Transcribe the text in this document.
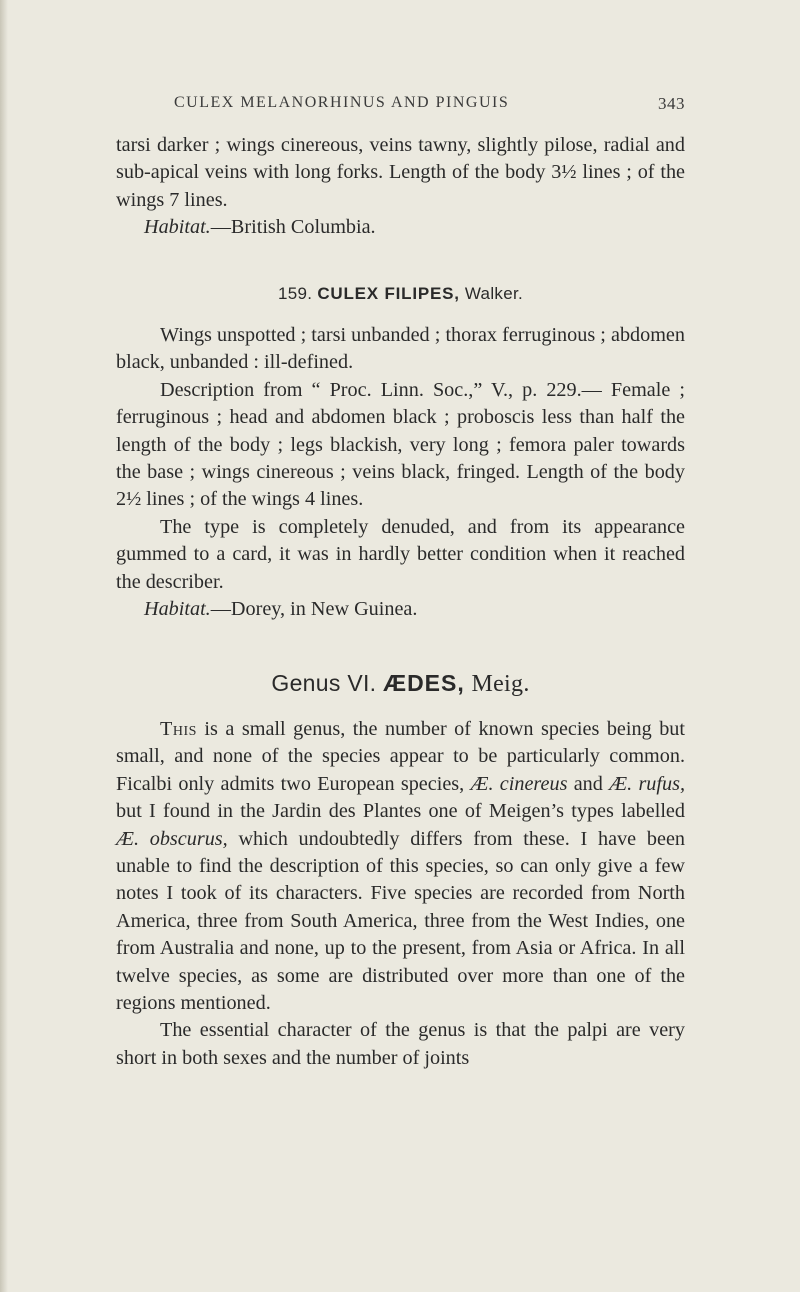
CULEX MELANORHINUS AND PINGUIS	343

tarsi darker ; wings cinereous, veins tawny, slightly pilose, radial and sub-apical veins with long forks. Length of the body 3½ lines ; of the wings 7 lines.

Habitat.—British Columbia.

159. CULEX FILIPES, Walker.

Wings unspotted ; tarsi unbanded ; thorax ferruginous ; abdomen black, unbanded : ill-defined.

Description from “ Proc. Linn. Soc.,” V., p. 229.— Female ; ferruginous ; head and abdomen black ; proboscis less than half the length of the body ; legs blackish, very long ; femora paler towards the base ; wings cinereous ; veins black, fringed. Length of the body 2½ lines ; of the wings 4 lines.

The type is completely denuded, and from its appearance gummed to a card, it was in hardly better condition when it reached the describer.

Habitat.—Dorey, in New Guinea.

Genus VI. ÆDES, Meig.

This is a small genus, the number of known species being but small, and none of the species appear to be particularly common. Ficalbi only admits two European species, Æ. cinereus and Æ. rufus, but I found in the Jardin des Plantes one of Meigen’s types labelled Æ. obscurus, which undoubtedly differs from these. I have been unable to find the description of this species, so can only give a few notes I took of its characters. Five species are recorded from North America, three from South America, three from the West Indies, one from Australia and none, up to the present, from Asia or Africa. In all twelve species, as some are distributed over more than one of the regions mentioned.

The essential character of the genus is that the palpi are very short in both sexes and the number of joints
